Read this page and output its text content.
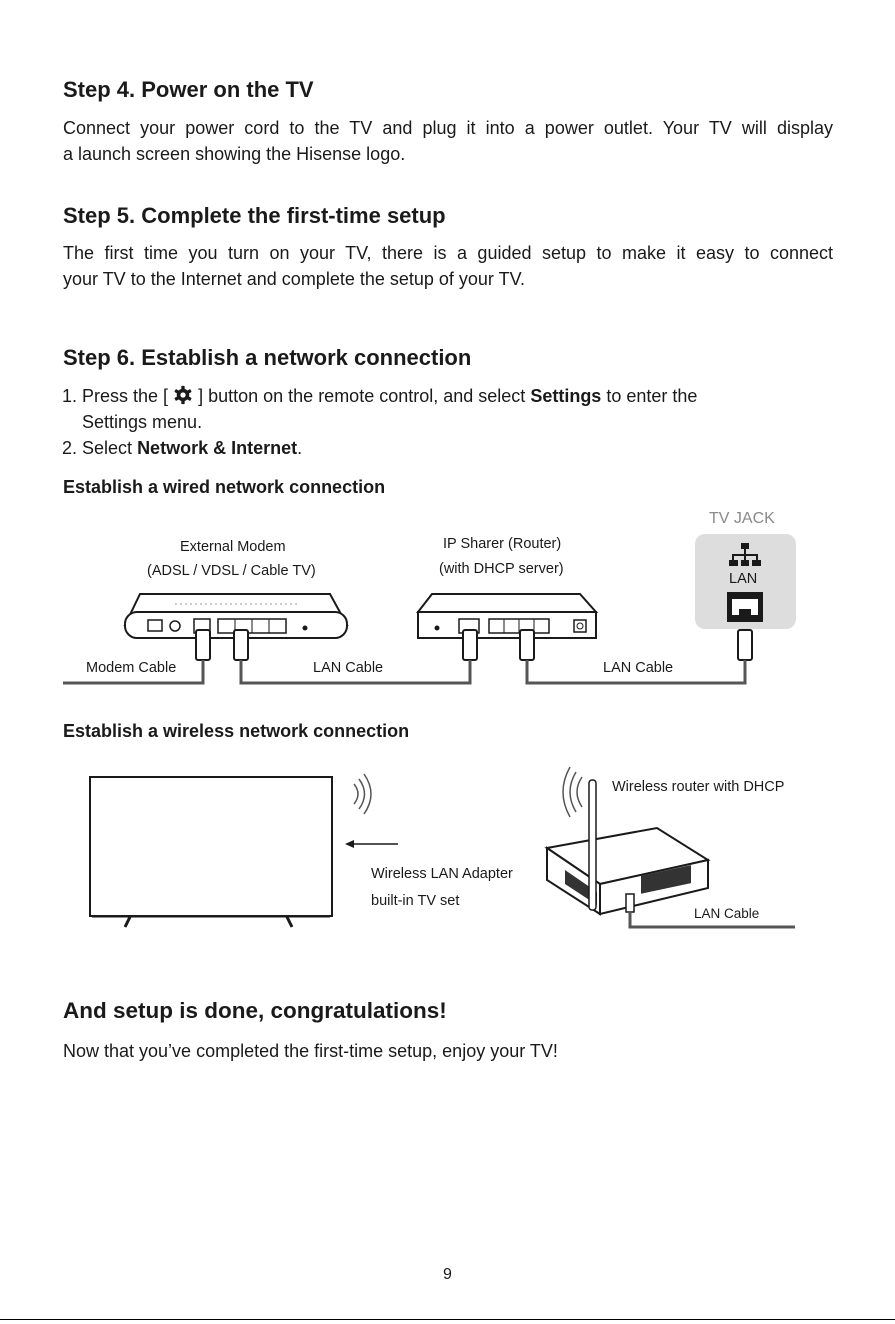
Step 4. Power on the TV

Connect your power cord to the TV and plug it into a power outlet. Your TV will display
a launch screen showing the Hisense logo.

Step 5. Complete the first-time setup

The first time you turn on your TV, there is a guided setup to make it easy to connect
your TV to the Internet and complete the setup of your TV.

Step 6. Establish a network connection
1. Press the [ ] button on the remote control, and select Settings to enter the
Settings menu.
2. Select Network & Internet.
Establish a wired network connection
TV JACK
External Modem
(ADSL / VDSL / Cable TV)
IP Sharer (Router)
(with DHCP server)
LAN
Modem Cable	LAN Cable	LAN Cable
Establish a wireless network connection
Wireless router with DHCP
Wireless LAN Adapter
built-in TV set
LAN Cable
And setup is done, congratulations!

Now that you’ve completed the first-time setup, enjoy your TV!

9
